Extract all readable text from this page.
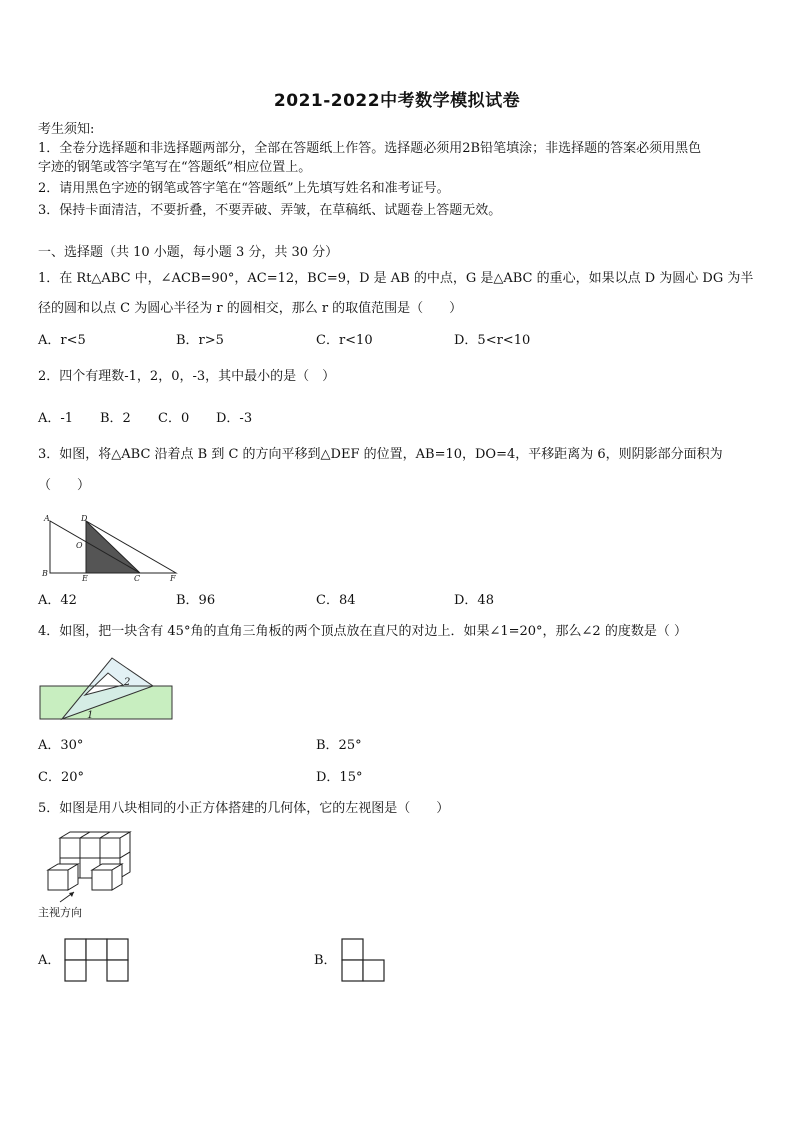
2021-2022中考数学模拟试卷
考生须知:
1．全卷分选择题和非选择题两部分，全部在答题纸上作答。选择题必须用2B铅笔填涂；非选择题的答案必须用黑色
字迹的钢笔或答字笔写在“答题纸”相应位置上。
2．请用黑色字迹的钢笔或答字笔在“答题纸”上先填写姓名和准考证号。
3．保持卡面清洁，不要折叠，不要弄破、弄皱，在草稿纸、试题卷上答题无效。
一、选择题（共 10 小题，每小题 3 分，共 30 分）
1．在 Rt△ABC 中，∠ACB=90°，AC=12，BC=9，D 是 AB 的中点，G 是△ABC 的重心，如果以点 D 为圆心 DG 为半
径的圆和以点 C 为圆心半径为 r 的圆相交，那么 r 的取值范围是（　　）
A．r<5	B．r>5	C．r<10	D．5<r<10
2．四个有理数-1，2，0，-3，其中最小的是（　）
A．-1 B．2 C．0 D．-3
3．如图，将△ABC 沿着点 B 到 C 的方向平移到△DEF 的位置，AB=10，DO=4，平移距离为 6，则阴影部分面积为
（　　）
A	D
O
B
E	C	F
A．42	B．96	C．84	D．48
4．如图，把一块含有 45°角的直角三角板的两个顶点放在直尺的对边上．如果∠1=20°，那么∠2 的度数是（ ）
2
1
A．30°	B．25°
C．20°	D．15°
5．如图是用八块相同的小正方体搭建的几何体，它的左视图是（　　）
主视方向
A．	B．
